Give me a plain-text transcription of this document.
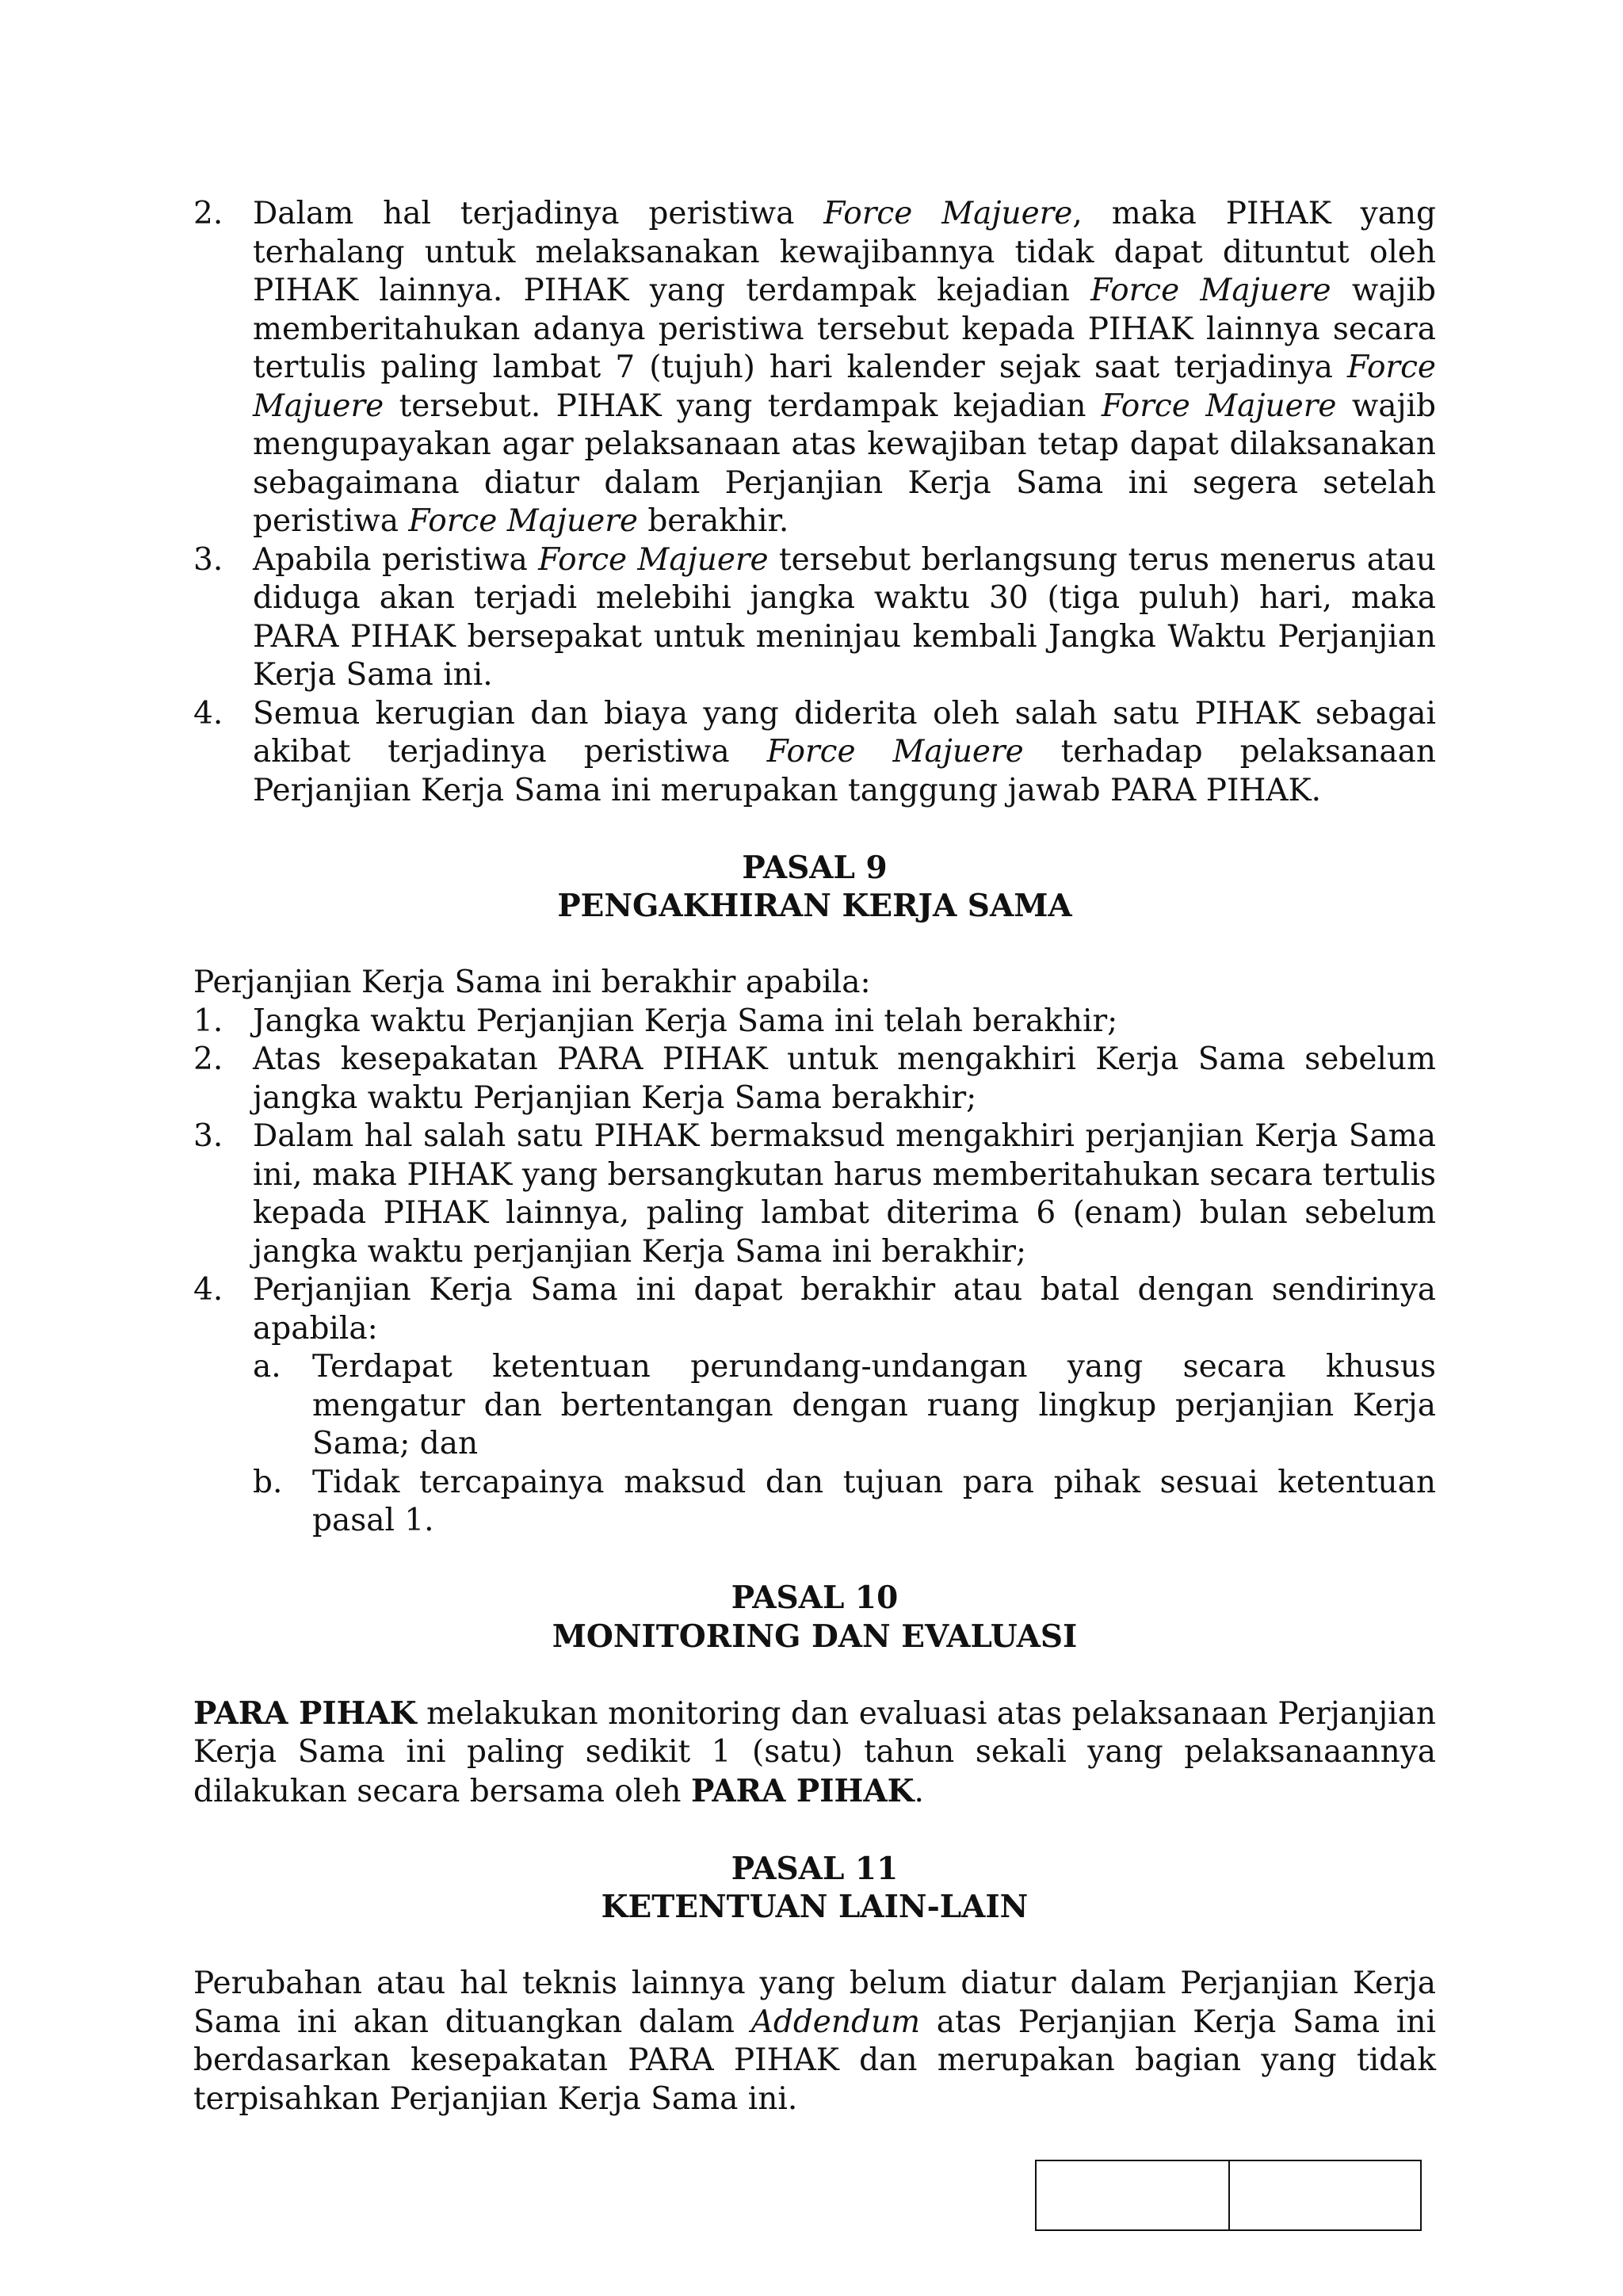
2. Dalam hal terjadinya peristiwa Force Majuere, maka PIHAK yang terhalang untuk melaksanakan kewajibannya tidak dapat dituntut oleh PIHAK lainnya. PIHAK yang terdampak kejadian Force Majuere wajib memberitahukan adanya peristiwa tersebut kepada PIHAK lainnya secara tertulis paling lambat 7 (tujuh) hari kalender sejak saat terjadinya Force Majuere tersebut. PIHAK yang terdampak kejadian Force Majuere wajib mengupayakan agar pelaksanaan atas kewajiban tetap dapat dilaksanakan sebagaimana diatur dalam Perjanjian Kerja Sama ini segera setelah peristiwa Force Majuere berakhir.

3. Apabila peristiwa Force Majuere tersebut berlangsung terus menerus atau diduga akan terjadi melebihi jangka waktu 30 (tiga puluh) hari, maka PARA PIHAK bersepakat untuk meninjau kembali Jangka Waktu Perjanjian Kerja Sama ini.

4. Semua kerugian dan biaya yang diderita oleh salah satu PIHAK sebagai akibat terjadinya peristiwa Force Majuere terhadap pelaksanaan Perjanjian Kerja Sama ini merupakan tanggung jawab PARA PIHAK.

PASAL 9

PENGAKHIRAN KERJA SAMA

Perjanjian Kerja Sama ini berakhir apabila:

1. Jangka waktu Perjanjian Kerja Sama ini telah berakhir;

2. Atas kesepakatan PARA PIHAK untuk mengakhiri Kerja Sama sebelum jangka waktu Perjanjian Kerja Sama berakhir;

3. Dalam hal salah satu PIHAK bermaksud mengakhiri perjanjian Kerja Sama ini, maka PIHAK yang bersangkutan harus memberitahukan secara tertulis kepada PIHAK lainnya, paling lambat diterima 6 (enam) bulan sebelum jangka waktu perjanjian Kerja Sama ini berakhir;

4. Perjanjian Kerja Sama ini dapat berakhir atau batal dengan sendirinya apabila:

a. Terdapat ketentuan perundang-undangan yang secara khusus mengatur dan bertentangan dengan ruang lingkup perjanjian Kerja Sama; dan

b. Tidak tercapainya maksud dan tujuan para pihak sesuai ketentuan pasal 1.

PASAL 10

MONITORING DAN EVALUASI

PARA PIHAK melakukan monitoring dan evaluasi atas pelaksanaan Perjanjian Kerja Sama ini paling sedikit 1 (satu) tahun sekali yang pelaksanaannya dilakukan secara bersama oleh PARA PIHAK.

PASAL 11

KETENTUAN LAIN-LAIN

Perubahan atau hal teknis lainnya yang belum diatur dalam Perjanjian Kerja Sama ini akan dituangkan dalam Addendum atas Perjanjian Kerja Sama ini berdasarkan kesepakatan PARA PIHAK dan merupakan bagian yang tidak terpisahkan Perjanjian Kerja Sama ini.
